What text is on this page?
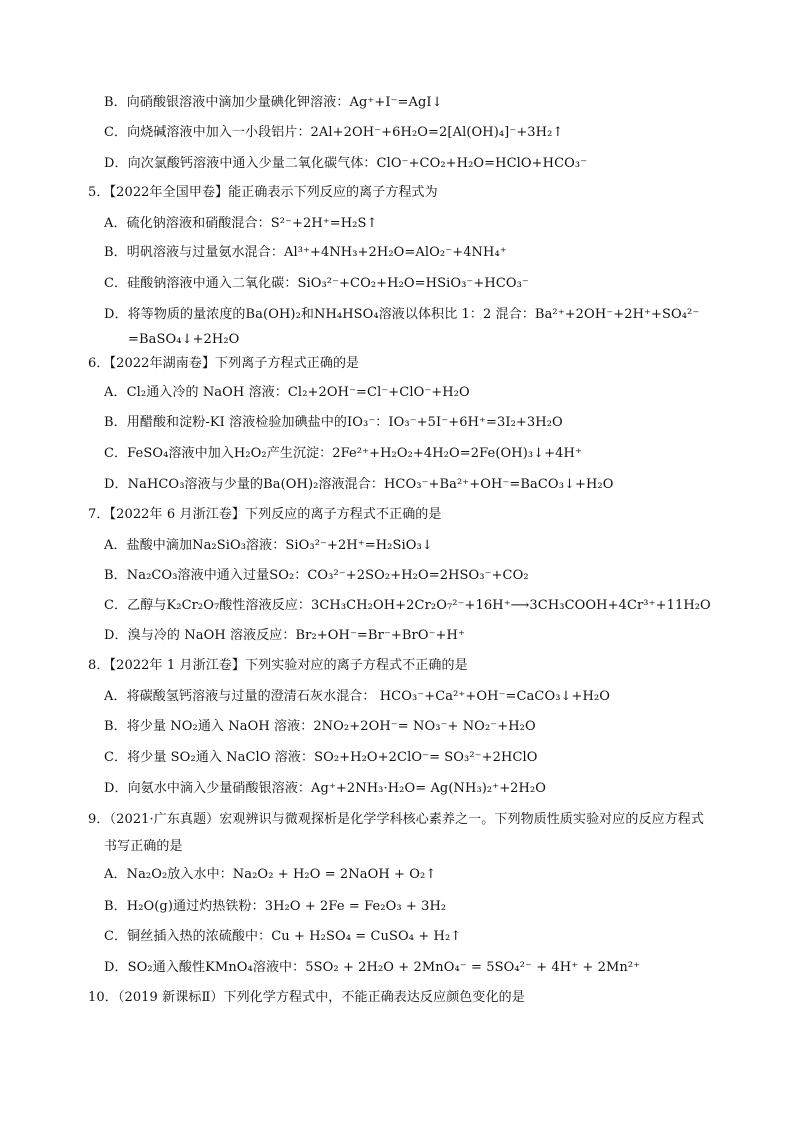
B．向硝酸银溶液中滴加少量碘化钾溶液：Ag⁺+I⁻=AgI↓
C．向烧碱溶液中加入一小段铝片：2Al+2OH⁻+6H₂O=2[Al(OH)₄]⁻+3H₂↑
D．向次氯酸钙溶液中通入少量二氧化碳气体：ClO⁻+CO₂+H₂O=HClO+HCO₃⁻
5．【2022年全国甲卷】能正确表示下列反应的离子方程式为
A．硫化钠溶液和硝酸混合：S²⁻+2H⁺=H₂S↑
B．明矾溶液与过量氨水混合：Al³⁺+4NH₃+2H₂O=AlO₂⁻+4NH₄⁺
C．硅酸钠溶液中通入二氧化碳：SiO₃²⁻+CO₂+H₂O=HSiO₃⁻+HCO₃⁻
D．将等物质的量浓度的Ba(OH)₂和NH₄HSO₄溶液以体积比 1：2 混合：Ba²⁺+2OH⁻+2H⁺+SO₄²⁻
=BaSO₄↓+2H₂O
6．【2022年湖南卷】下列离子方程式正确的是
A．Cl₂通入冷的 NaOH 溶液：Cl₂+2OH⁻=Cl⁻+ClO⁻+H₂O
B．用醋酸和淀粉-KI 溶液检验加碘盐中的IO₃⁻：IO₃⁻+5I⁻+6H⁺=3I₂+3H₂O
C．FeSO₄溶液中加入H₂O₂产生沉淀：2Fe²⁺+H₂O₂+4H₂O=2Fe(OH)₃↓+4H⁺
D．NaHCO₃溶液与少量的Ba(OH)₂溶液混合：HCO₃⁻+Ba²⁺+OH⁻=BaCO₃↓+H₂O
7．【2022年 6 月浙江卷】下列反应的离子方程式不正确的是
A．盐酸中滴加Na₂SiO₃溶液：SiO₃²⁻+2H⁺=H₂SiO₃↓
B．Na₂CO₃溶液中通入过量SO₂：CO₃²⁻+2SO₂+H₂O=2HSO₃⁻+CO₂
C．乙醇与K₂Cr₂O₇酸性溶液反应：3CH₃CH₂OH+2Cr₂O₇²⁻+16H⁺⟶3CH₃COOH+4Cr³⁺+11H₂O
D．溴与冷的 NaOH 溶液反应：Br₂+OH⁻=Br⁻+BrO⁻+H⁺
8．【2022年 1 月浙江卷】下列实验对应的离子方程式不正确的是
A．将碳酸氢钙溶液与过量的澄清石灰水混合： HCO₃⁻+Ca²⁺+OH⁻=CaCO₃↓+H₂O
B．将少量 NO₂通入 NaOH 溶液：2NO₂+2OH⁻= NO₃⁻+ NO₂⁻+H₂O
C．将少量 SO₂通入 NaClO 溶液：SO₂+H₂O+2ClO⁻= SO₃²⁻+2HClO
D．向氨水中滴入少量硝酸银溶液：Ag⁺+2NH₃·H₂O= Ag(NH₃)₂⁺+2H₂O
9．（2021·广东真题）宏观辨识与微观探析是化学学科核心素养之一。下列物质性质实验对应的反应方程式
书写正确的是
A．Na₂O₂放入水中：Na₂O₂ + H₂O = 2NaOH + O₂↑
B．H₂O(g)通过灼热铁粉：3H₂O + 2Fe = Fe₂O₃ + 3H₂
C．铜丝插入热的浓硫酸中：Cu + H₂SO₄ = CuSO₄ + H₂↑
D．SO₂通入酸性KMnO₄溶液中：5SO₂ + 2H₂O + 2MnO₄⁻ = 5SO₄²⁻ + 4H⁺ + 2Mn²⁺
10．（2019 新课标Ⅱ）下列化学方程式中，不能正确表达反应颜色变化的是
